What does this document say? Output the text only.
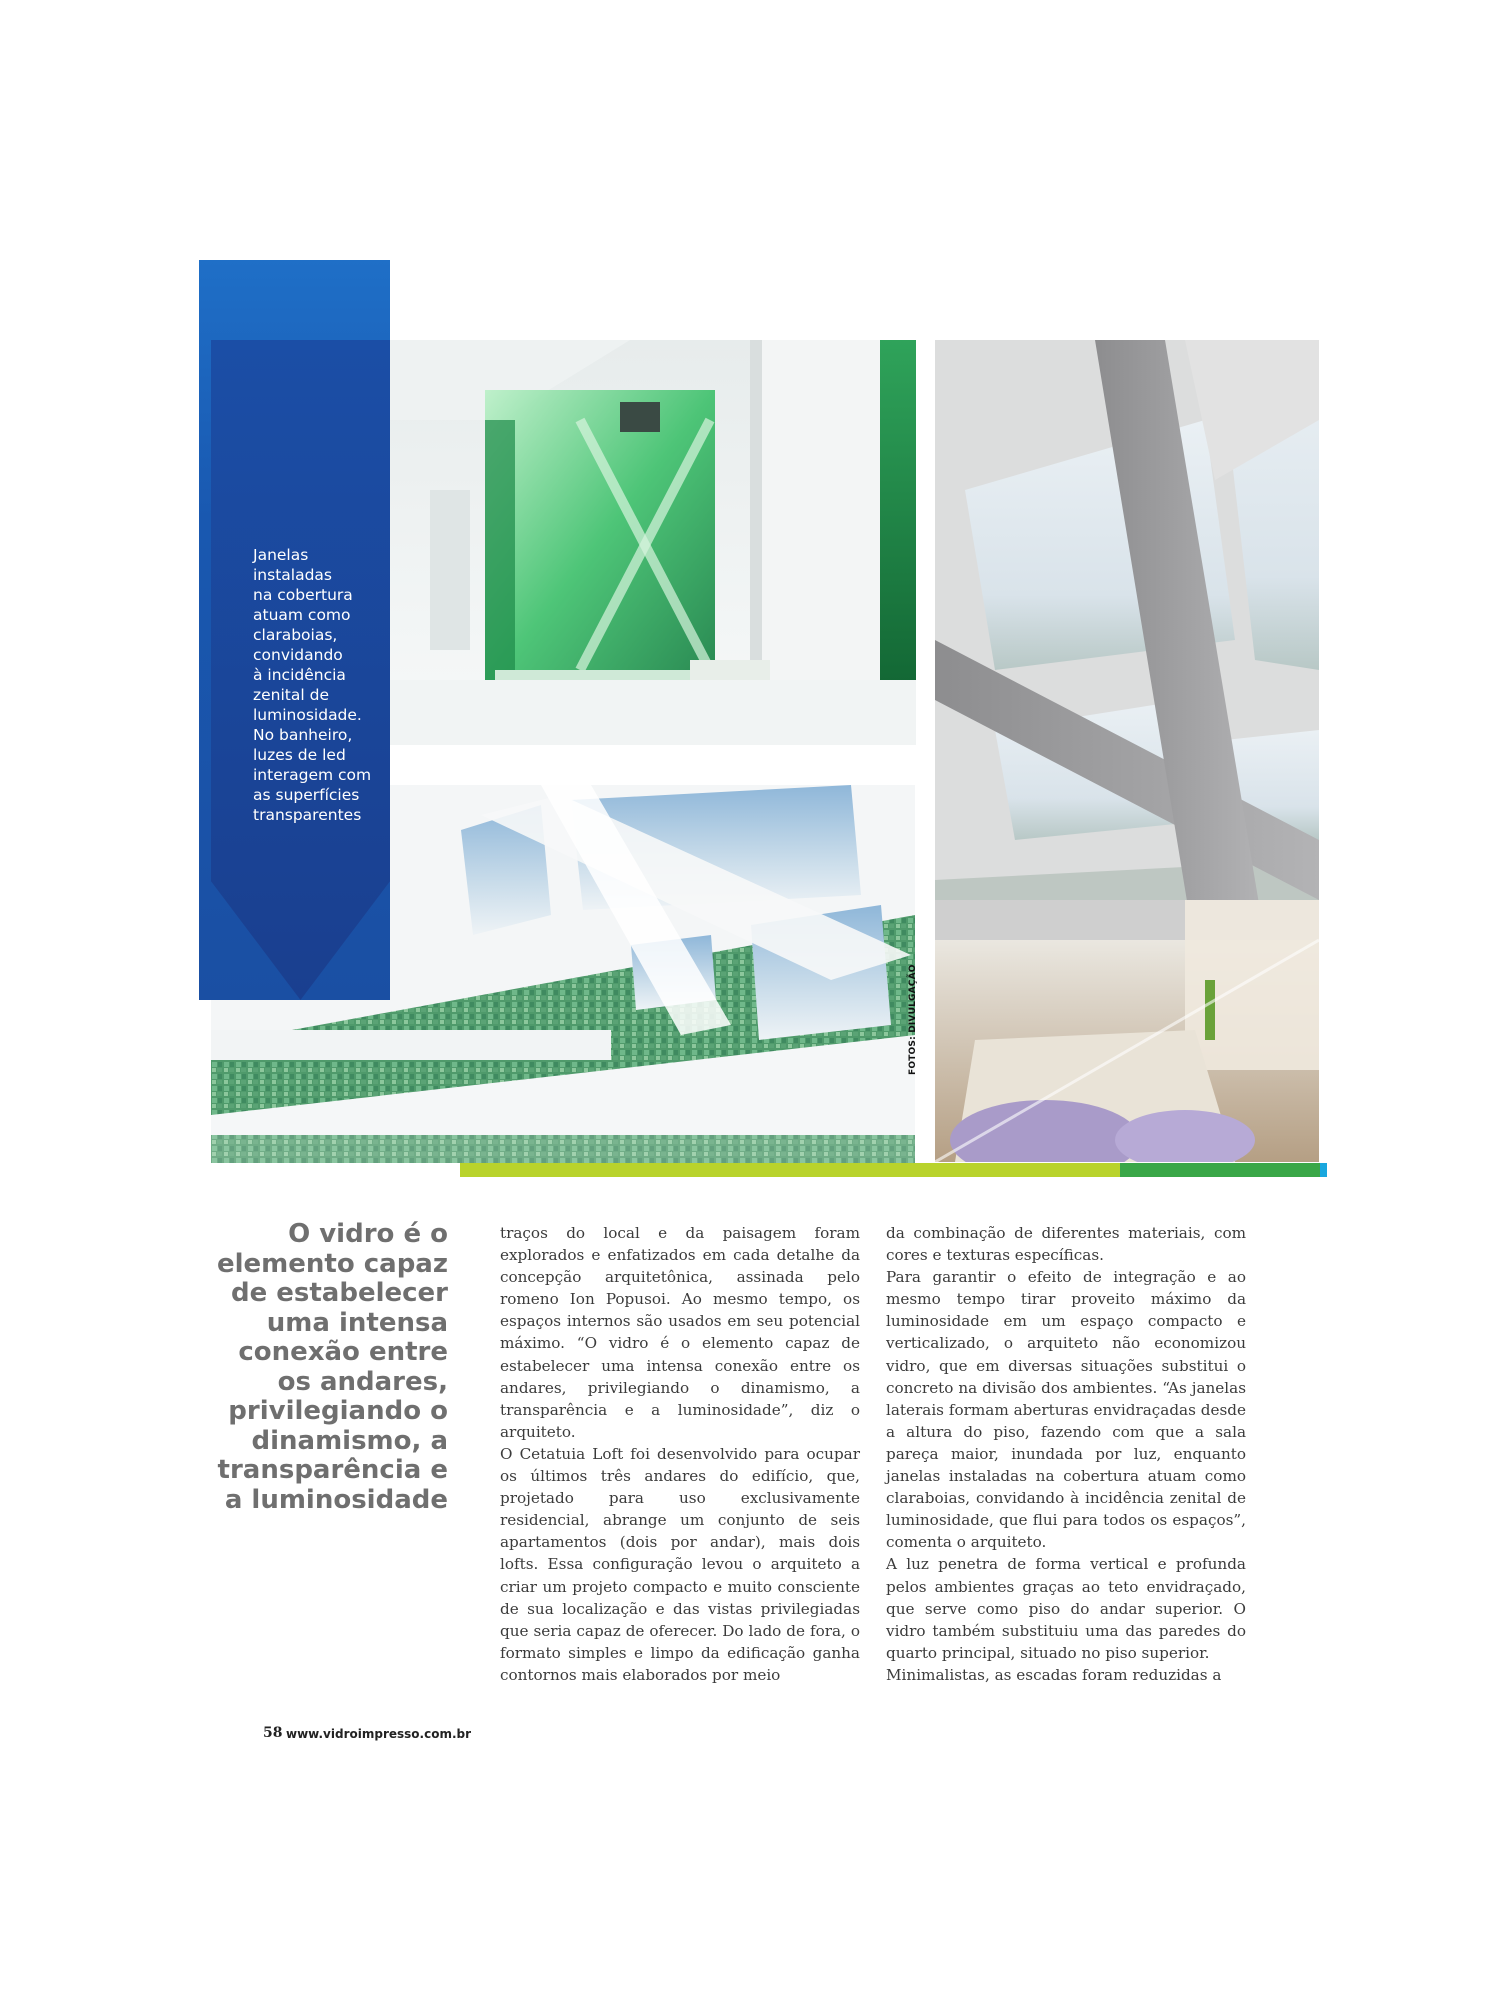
Janelas
instaladas
na cobertura
atuam como
claraboias,
convidando
à incidência
zenital de
luminosidade.
No banheiro,
luzes de led
interagem com
as superfícies
transparentes
FOTOS: DIVULGAÇÃO
O vidro é o
elemento capaz
de estabelecer
uma intensa
conexão entre
os andares,
privilegiando o
dinamismo, a
transparência e
a luminosidade

traços do local e da paisagem foram explorados e enfatizados em cada detalhe da concepção arquitetônica, assinada pelo romeno Ion Popusoi. Ao mesmo tempo, os espaços internos são usados em seu potencial máximo. “O vidro é o elemento capaz de estabelecer uma intensa conexão entre os andares, privilegiando o dinamismo, a transparência e a luminosidade”, diz o arquiteto.

O Cetatuia Loft foi desenvolvido para ocupar os últimos três andares do edifício, que, projetado para uso exclusivamente residencial, abrange um conjunto de seis apartamentos (dois por andar), mais dois lofts. Essa configuração levou o arquiteto a criar um projeto compacto e muito consciente de sua localização e das vistas privilegiadas que seria capaz de oferecer. Do lado de fora, o formato simples e limpo da edificação ganha contornos mais elaborados por meio

da combinação de diferentes materiais, com cores e texturas específicas.

Para garantir o efeito de integração e ao mesmo tempo tirar proveito máximo da luminosidade em um espaço compacto e verticalizado, o arquiteto não economizou vidro, que em diversas situações substitui o concreto na divisão dos ambientes. “As janelas laterais formam aberturas envidraçadas desde a altura do piso, fazendo com que a sala pareça maior, inundada por luz, enquanto janelas instaladas na cobertura atuam como claraboias, convidando à incidência zenital de luminosidade, que flui para todos os espaços”, comenta o arquiteto.

A luz penetra de forma vertical e profunda pelos ambientes graças ao teto envidraçado, que serve como piso do andar superior. O vidro também substituiu uma das paredes do quarto principal, situado no piso superior.

Minimalistas, as escadas foram reduzidas a

58 www.vidroimpresso.com.br
